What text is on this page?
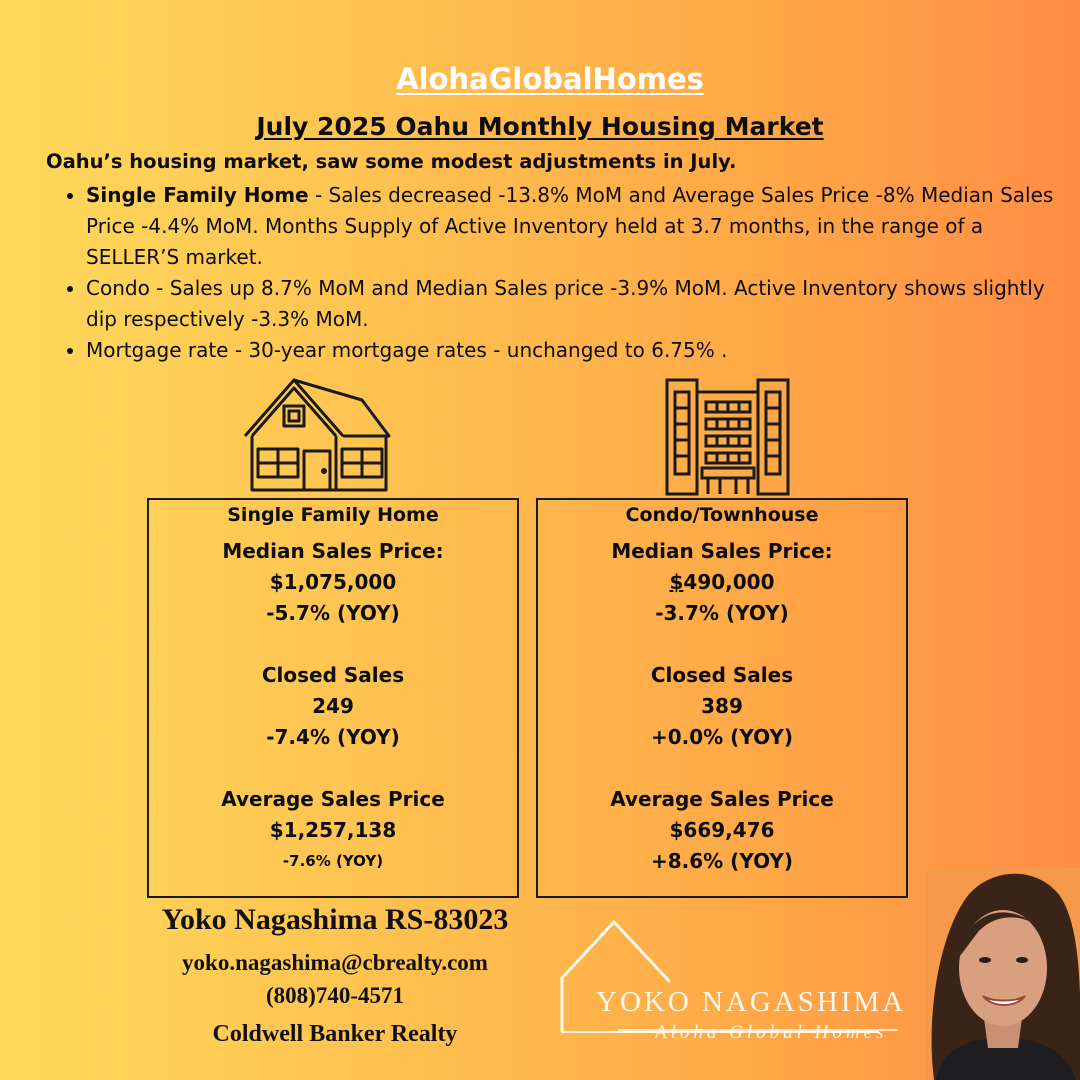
AlohaGlobalHomes
July 2025 Oahu Monthly Housing Market
Oahu’s housing market, saw some modest adjustments in July.
• Single Family Home - Sales decreased -13.8% MoM and Average Sales Price -8% Median Sales Price -4.4% MoM. Months Supply of Active Inventory held at 3.7 months, in the range of a SELLER’S market.
• Condo - Sales up 8.7% MoM and Median Sales price -3.9% MoM. Active Inventory shows slightly dip respectively -3.3% MoM.
• Mortgage rate - 30-year mortgage rates - unchanged to 6.75% .
Single Family Home
Median Sales Price:
$1,075,000
-5.7% (YOY)
Closed Sales
249
-7.4% (YOY)
Average Sales Price
$1,257,138
-7.6% (YOY)
Condo/Townhouse
Median Sales Price:
$490,000
-3.7% (YOY)
Closed Sales
389
+0.0% (YOY)
Average Sales Price
$669,476
+8.6% (YOY)
Yoko Nagashima RS-83023
yoko.nagashima@cbrealty.com
(808)740-4571
Coldwell Banker Realty
YOKO NAGASHIMA
Aloha Global Homes
